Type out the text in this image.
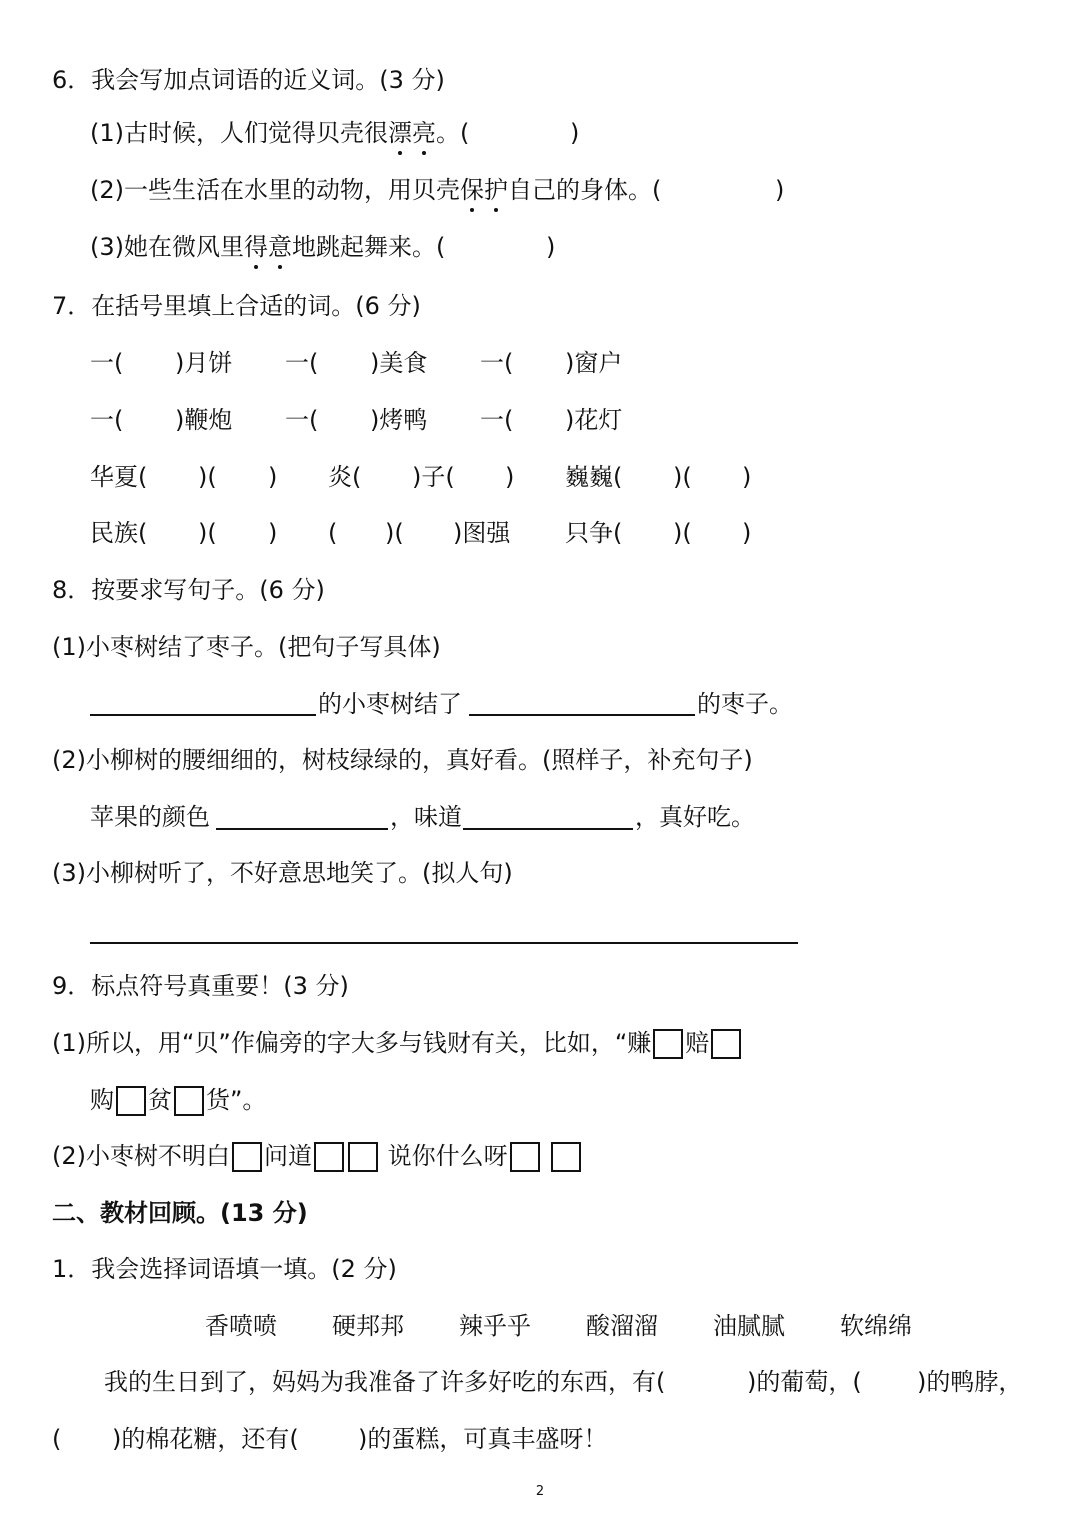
6．我会写加点词语的近义词。(3 分)
(1)古时候，人们觉得贝壳很漂亮。(	)
(2)一些生活在水里的动物，用贝壳保护自己的身体。(	)
(3)她在微风里得意地跳起舞来。(	)
7．在括号里填上合适的词。(6 分)
一( )月饼 一( )美食 一( )窗户
一( )鞭炮 一( )烤鸭 一( )花灯
华夏( )( ) 炎( )子( ) 巍巍( )( )
民族( )( ) ( )( )图强 只争( )( )
8．按要求写句子。(6 分)
(1)小枣树结了枣子。(把句子写具体)
的小枣树结了	的枣子。
(2)小柳树的腰细细的，树枝绿绿的，真好看。(照样子，补充句子)
苹果的颜色	，味道	，真好吃。
(3)小柳树听了，不好意思地笑了。(拟人句)
9．标点符号真重要！(3 分)
(1)所以，用“贝”作偏旁的字大多与钱财有关，比如，“赚 赔
购 贫 货”。
(2)小枣树不明白 问道	说你什么呀
二、教材回顾。(13 分)
1．我会选择词语填一填。(2 分)
香喷喷 硬邦邦 辣乎乎 酸溜溜 油腻腻 软绵绵
我的生日到了，妈妈为我准备了许多好吃的东西，有(	)的葡萄，( )的鸭脖，
( )的棉花糖，还有( )的蛋糕，可真丰盛呀！
2
